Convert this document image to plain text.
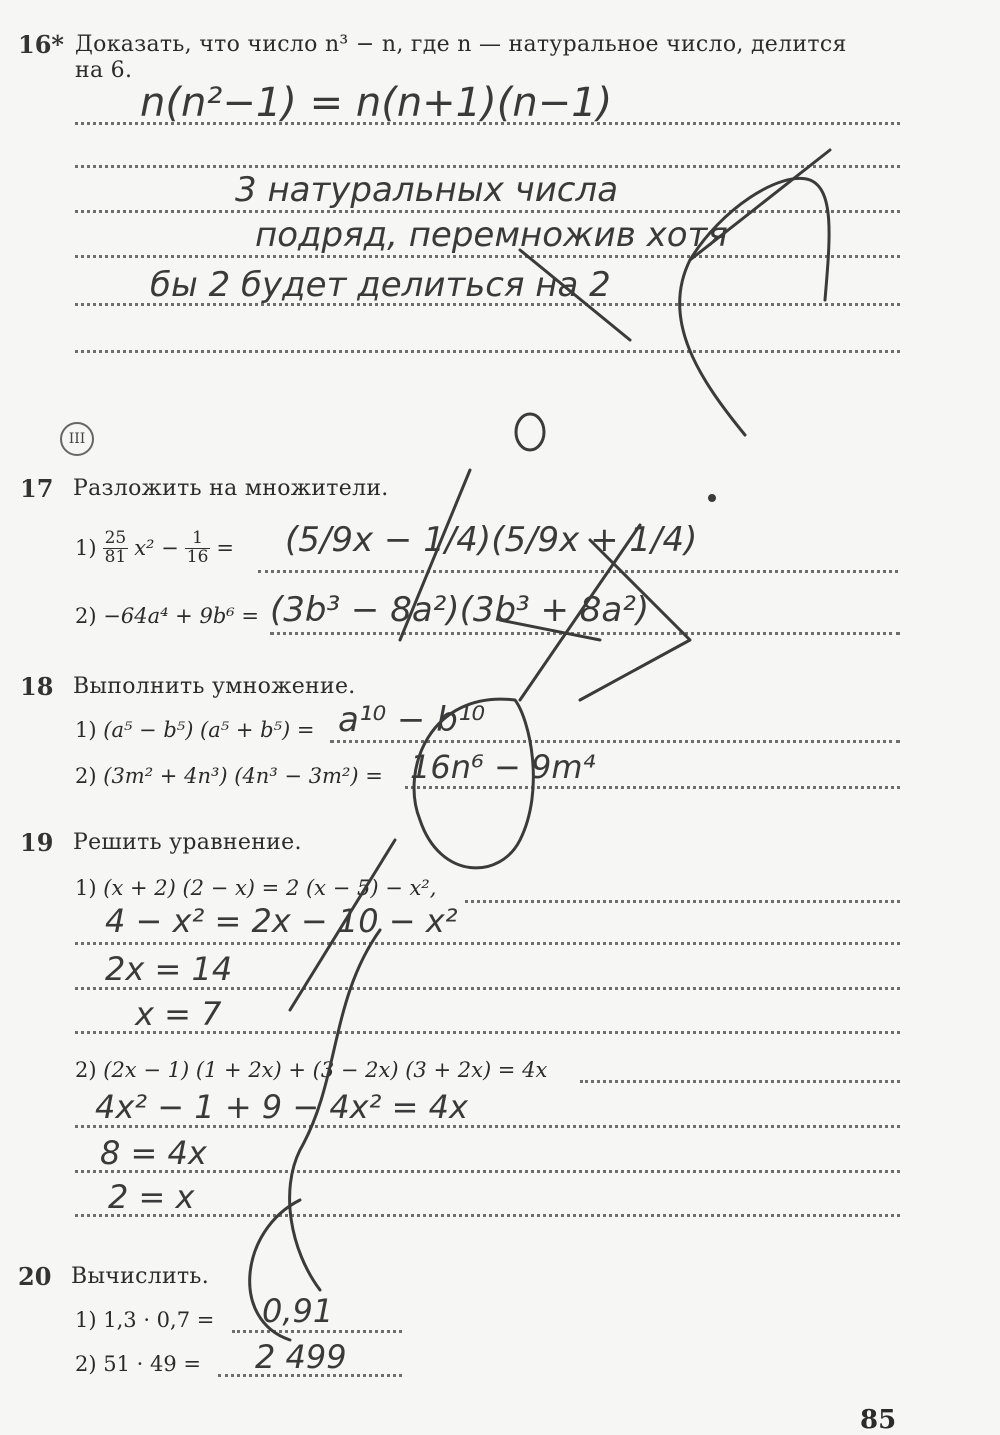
16* Доказать, что число n³ − n, где n — натуральное число, делится
на 6.
n(n²−1) = n(n+1)(n−1)
3 натуральных числа
подряд, перемножив хотя
бы 2 будет делиться на 2
III
17 Разложить на множители.
$1) \frac{25}{81} x^2 - \frac{1}{16} = (5/9x - 1/4)(5/9x + 1/4)$
2) −64a⁴ + 9b⁶ = (3b³ − 8a²)(3b³ + 8a²)
18 Выполнить умножение.
1) (a⁵ − b⁵) (a⁵ + b⁵) = a¹⁰ − b¹⁰
2) (3m² + 4n³) (4n³ − 3m²) = 16n⁶ − 9m⁴
19 Решить уравнение.
1) (x + 2) (2 − x) = 2 (x − 5) − x²,
4 − x² = 2x − 10 − x²
2x = 14
x = 7
2) (2x − 1) (1 + 2x) + (3 − 2x) (3 + 2x) = 4x
4x² − 1 + 9 − 4x² = 4x
8 = 4x
2 = x
20 Вычислить.
1) 1,3 · 0,7 = 0,91
2) 51 · 49 = 2 499
85
